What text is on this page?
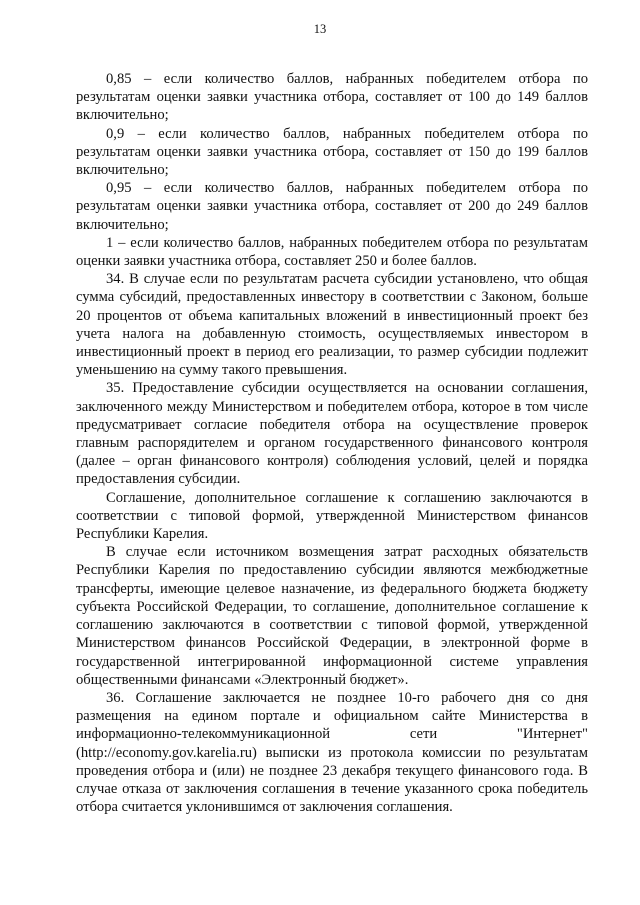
13

0,85 – если количество баллов, набранных победителем отбора по результатам оценки заявки участника отбора, составляет от 100 до 149 баллов включительно;

0,9 – если количество баллов, набранных победителем отбора по результатам оценки заявки участника отбора, составляет от 150 до 199 баллов включительно;

0,95 – если количество баллов, набранных победителем отбора по результатам оценки заявки участника отбора, составляет от 200 до 249 баллов включительно;

1 – если количество баллов, набранных победителем отбора по результатам оценки заявки участника отбора, составляет 250 и более баллов.

34. В случае если по результатам расчета субсидии установлено, что общая сумма субсидий, предоставленных инвестору в соответствии с Законом, больше 20 процентов от объема капитальных вложений в инвестиционный проект без учета налога на добавленную стоимость, осуществляемых инвестором в инвестиционный проект в период его реализации, то размер субсидии подлежит уменьшению на сумму такого превышения.

35. Предоставление субсидии осуществляется на основании соглашения, заключенного между Министерством и победителем отбора, которое в том числе предусматривает согласие победителя отбора на осуществление проверок главным распорядителем и органом государственного финансового контроля (далее – орган финансового контроля) соблюдения условий, целей и порядка предоставления субсидии.

Соглашение, дополнительное соглашение к соглашению заключаются в соответствии с типовой формой, утвержденной Министерством финансов Республики Карелия.

В случае если источником возмещения затрат расходных обязательств Республики Карелия по предоставлению субсидии являются межбюджетные трансферты, имеющие целевое назначение, из федерального бюджета бюджету субъекта Российской Федерации, то соглашение, дополнительное соглашение к соглашению заключаются в соответствии с типовой формой, утвержденной Министерством финансов Российской Федерации, в электронной форме в государственной интегрированной информационной системе управления общественными финансами «Электронный бюджет».

36. Соглашение заключается не позднее 10-го рабочего дня со дня размещения на едином портале и официальном сайте Министерства в информационно-телекоммуникационной сети "Интернет" (http://economy.gov.karelia.ru) выписки из протокола комиссии по результатам проведения отбора и (или) не позднее 23 декабря текущего финансового года. В случае отказа от заключения соглашения в течение указанного срока победитель отбора считается уклонившимся от заключения соглашения.
